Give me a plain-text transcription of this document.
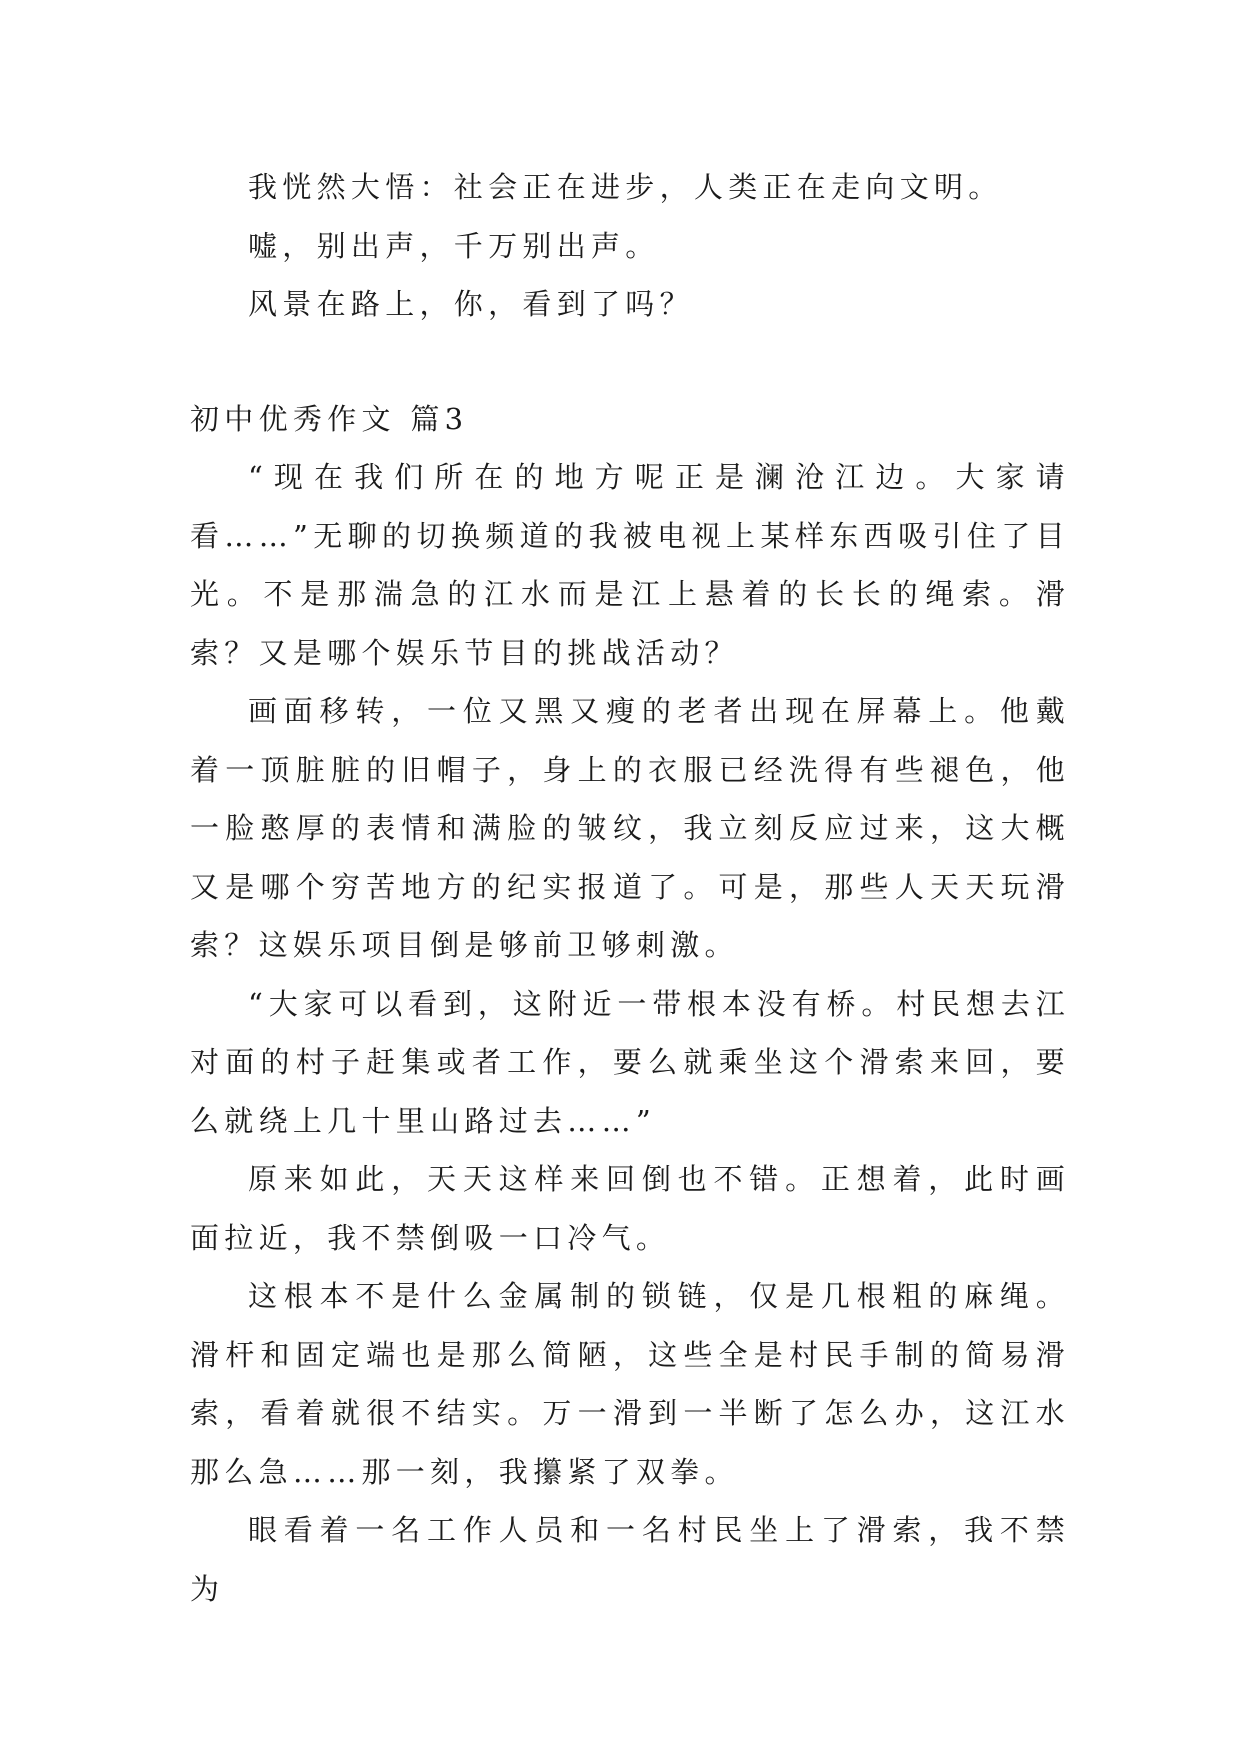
我恍然大悟：社会正在进步，人类正在走向文明。

嘘，别出声，千万别出声。

风景在路上，你，看到了吗？

初中优秀作文 篇3

“现在我们所在的地方呢正是澜沧江边。大家请看……”无聊的切换频道的我被电视上某样东西吸引住了目光。不是那湍急的江水而是江上悬着的长长的绳索。滑索？又是哪个娱乐节目的挑战活动？

画面移转，一位又黑又瘦的老者出现在屏幕上。他戴着一顶脏脏的旧帽子，身上的衣服已经洗得有些褪色，他一脸憨厚的表情和满脸的皱纹，我立刻反应过来，这大概又是哪个穷苦地方的纪实报道了。可是，那些人天天玩滑索？这娱乐项目倒是够前卫够刺激。

“大家可以看到，这附近一带根本没有桥。村民想去江对面的村子赶集或者工作，要么就乘坐这个滑索来回，要么就绕上几十里山路过去……”

原来如此，天天这样来回倒也不错。正想着，此时画面拉近，我不禁倒吸一口冷气。

这根本不是什么金属制的锁链，仅是几根粗的麻绳。滑杆和固定端也是那么简陋，这些全是村民手制的简易滑索，看着就很不结实。万一滑到一半断了怎么办，这江水那么急……那一刻，我攥紧了双拳。

眼看着一名工作人员和一名村民坐上了滑索，我不禁为
